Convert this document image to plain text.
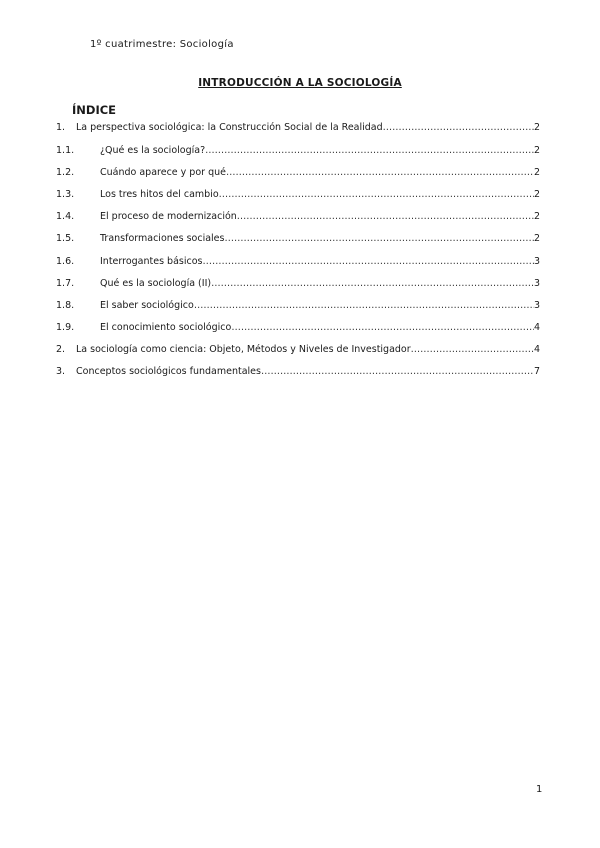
1º cuatrimestre: Sociología
INTRODUCCIÓN A LA SOCIOLOGÍA
ÍNDICE
1.	La perspectiva sociológica: la Construcción Social de la Realidad …………………………………………………………………………………………………………………………………………	2
1.1.	¿Qué es la sociología? …………………………………………………………………………………………………………………………………………	2
1.2.	Cuándo aparece y por qué …………………………………………………………………………………………………………………………………………	2
1.3.	Los tres hitos del cambio …………………………………………………………………………………………………………………………………………	2
1.4.	El proceso de modernización …………………………………………………………………………………………………………………………………………	2
1.5.	Transformaciones sociales …………………………………………………………………………………………………………………………………………	2
1.6.	Interrogantes básicos …………………………………………………………………………………………………………………………………………	3
1.7.	Qué es la sociología (II) …………………………………………………………………………………………………………………………………………	3
1.8.	El saber sociológico …………………………………………………………………………………………………………………………………………	3
1.9.	El conocimiento sociológico …………………………………………………………………………………………………………………………………………	4
2.	La sociología como ciencia: Objeto, Métodos y Niveles de Investigador …………………………………………………………………………………………………………………………………………	4
3.	Conceptos sociológicos fundamentales …………………………………………………………………………………………………………………………………………	7
1
